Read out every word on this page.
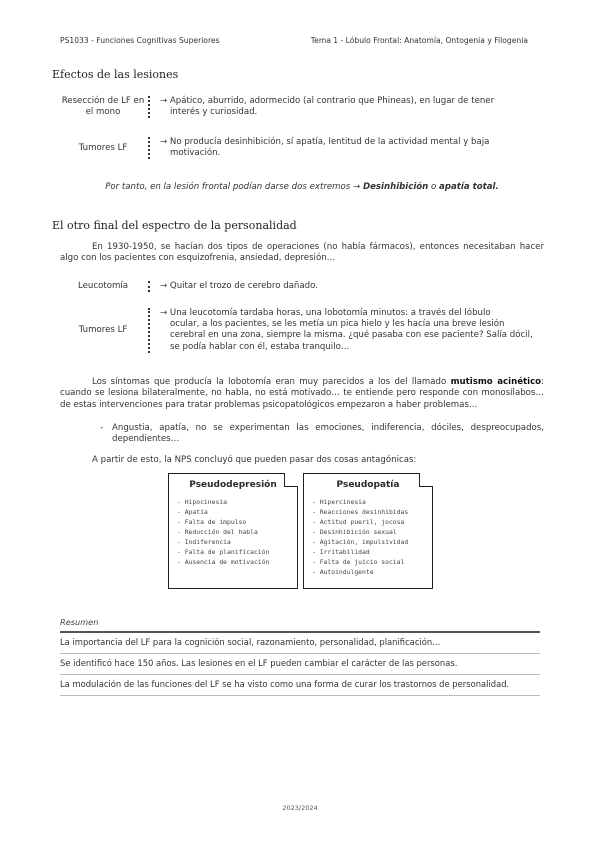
PS1033 - Funciones Cognitivas Superiores	Tema 1 - Lóbulo Frontal: Anatomía, Ontogenia y Filogenia
Efectos de las lesiones
Resección de LF en el mono
→ Apático, aburrido, adormecido (al contrario que Phineas), en lugar de tener
interés y curiosidad.
Tumores LF
→ No producía desinhibición, sí apatía, lentitud de la actividad mental y baja
motivación.
Por tanto, en la lesión frontal podían darse dos extremos → Desinhibición o apatía total.
El otro final del espectro de la personalidad
En 1930-1950, se hacían dos tipos de operaciones (no había fármacos), entonces necesitaban hacer algo con los pacientes con esquizofrenia, ansiedad, depresión…
Leucotomía	→ Quitar el trozo de cerebro dañado.
Tumores LF
→ Una leucotomía tardaba horas, una lobotomía minutos: a través del lóbulo
ocular, a los pacientes, se les metía un pica hielo y les hacía una breve lesión cerebral en una zona, siempre la misma. ¿qué pasaba con ese paciente? Salía dócil, se podía hablar con él, estaba tranquilo…
Los síntomas que producía la lobotomía eran muy parecidos a los del llamado mutismo acinético: cuando se lesiona bilateralmente, no habla, no está motivado… te entiende pero responde con monosílabos… de estas intervenciones para tratar problemas psicopatológicos empezaron a haber problemas…
- Angustia, apatía, no se experimentan las emociones, indiferencia, dóciles, despreocupados, dependientes…
A partir de esto, la NPS concluyó que pueden pasar dos cosas antagónicas:
Pseudodepresión
- Hipocinesia
- Apatía
- Falta de impulso
- Reducción del habla
- Indiferencia
- Falta de planificación
- Ausencia de motivación
Pseudopatía
- Hipercinesia
- Reacciones desinhibidas
- Actitud pueril, jocosa
- Desinhibición sexual
- Agitación, impulsividad
- Irritabilidad
- Falta de juicio social
- Autoindulgente
Resumen
La importancia del LF para la cognición social, razonamiento, personalidad, planificación…
Se identificó hace 150 años. Las lesiones en el LF pueden cambiar el carácter de las personas.
La modulación de las funciones del LF se ha visto como una forma de curar los trastornos de personalidad.
2023/2024
